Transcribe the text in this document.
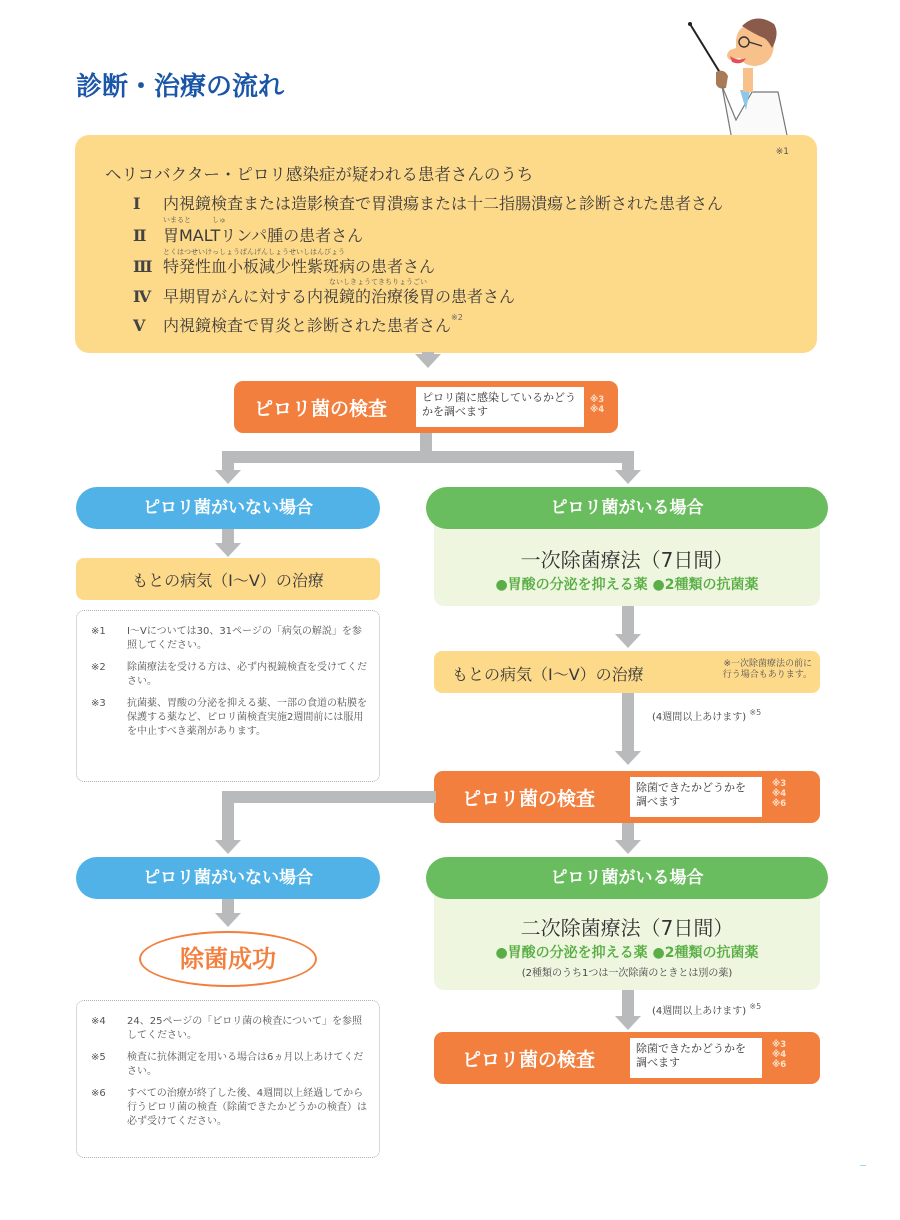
診断・治療の流れ
※1
ヘリコバクター・ピロリ感染症が疑われる患者さんのうち
Ⅰ 内視鏡検査または造影検査で胃潰瘍または十二指腸潰瘍と診断された患者さん
いまると　　　しゅ
Ⅱ 胃MALTリンパ腫の患者さん
とくはつせいけっしょうばんげんしょうせいしはんびょう
Ⅲ 特発性血小板減少性紫斑病の患者さん
ないしきょうてきちりょうごい
Ⅳ 早期胃がんに対する内視鏡的治療後胃の患者さん
Ⅴ 内視鏡検査で胃炎と診断された患者さん$^{※2}$
ピロリ菌の検査
ピロリ菌に感染しているかどうかを調べます
※3
※4
ピロリ菌がいない場合
もとの病気（I〜V）の治療
※1	I〜Vについては30、31ページの「病気の解説」を参照してください。
※2	除菌療法を受ける方は、必ず内視鏡検査を受けてください。
※3	抗菌薬、胃酸の分泌を抑える薬、一部の食道の粘膜を保護する薬など、ピロリ菌検査実施2週間前には服用を中止すべき薬剤があります。
ピロリ菌がいる場合
一次除菌療法（7日間）
●胃酸の分泌を抑える薬 ●2種類の抗菌薬
もとの病気（I〜V）の治療
※一次除菌療法の前に
行う場合もあります。
(4週間以上あけます) $^{※5}$
ピロリ菌の検査
除菌できたかどうかを調べます
※3
※4
※6
ピロリ菌がいない場合
除菌成功
ピロリ菌がいる場合
二次除菌療法（7日間）
●胃酸の分泌を抑える薬 ●2種類の抗菌薬
(2種類のうち1つは一次除菌のときとは別の薬)
(4週間以上あけます) $^{※5}$
ピロリ菌の検査
除菌できたかどうかを調べます
※3
※4
※6
※4	24、25ページの「ピロリ菌の検査について」を参照してください。
※5	検査に抗体測定を用いる場合は6ヵ月以上あけてください。
※6	すべての治療が終了した後、4週間以上経過してから行うピロリ菌の検査（除菌できたかどうかの検査）は必ず受けてください。
